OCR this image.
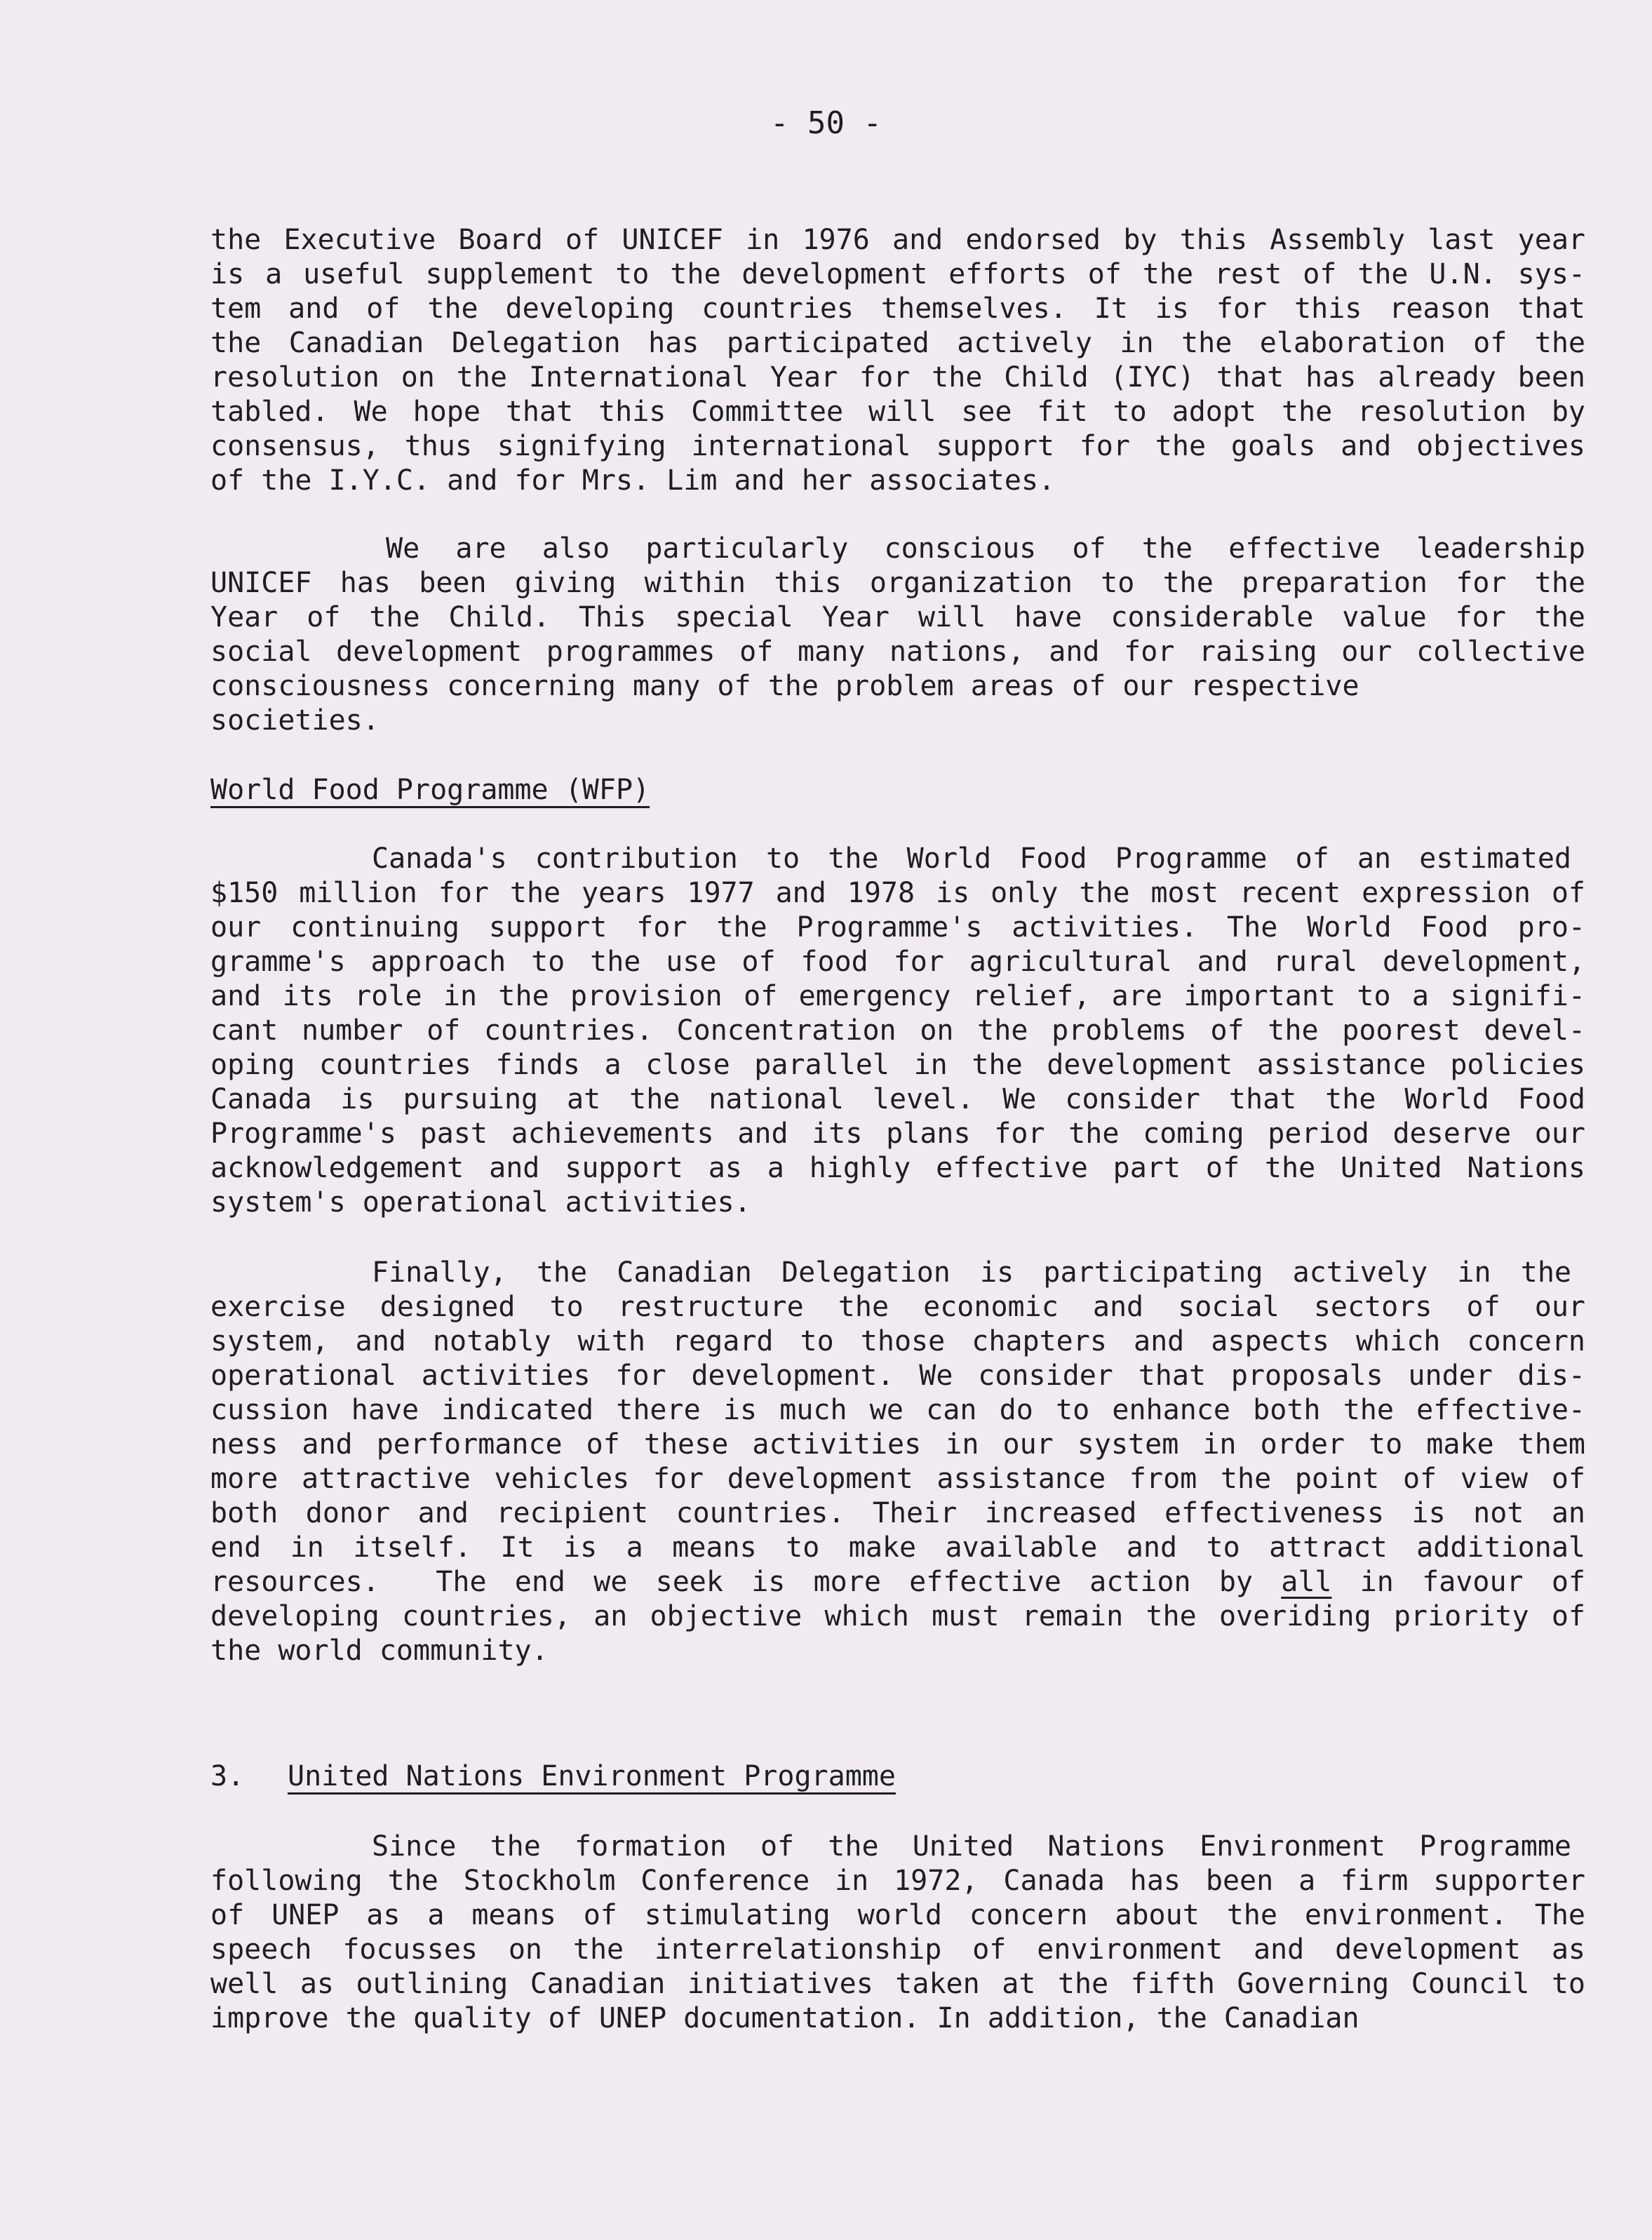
- 50 -
the Executive Board of UNICEF in 1976 and endorsed by this Assembly last year
is a useful supplement to the development efforts of the rest of the U.N. sys-
tem and of the developing countries themselves. It is for this reason that
the Canadian Delegation has participated actively in the elaboration of the
resolution on the International Year for the Child (IYC) that has already been
tabled. We hope that this Committee will see fit to adopt the resolution by
consensus, thus signifying international support for the goals and objectives
of the I.Y.C. and for Mrs. Lim and her associates.
We are also particularly conscious of the effective leadership
UNICEF has been giving within this organization to the preparation for the
Year of the Child. This special Year will have considerable value for the
social development programmes of many nations, and for raising our collective
consciousness concerning many of the problem areas of our respective
societies.
World Food Programme (WFP)
Canada's contribution to the World Food Programme of an estimated
$150 million for the years 1977 and 1978 is only the most recent expression of
our continuing support for the Programme's activities. The World Food pro-
gramme's approach to the use of food for agricultural and rural development,
and its role in the provision of emergency relief, are important to a signifi-
cant number of countries. Concentration on the problems of the poorest devel-
oping countries finds a close parallel in the development assistance policies
Canada is pursuing at the national level. We consider that the World Food
Programme's past achievements and its plans for the coming period deserve our
acknowledgement and support as a highly effective part of the United Nations
system's operational activities.
Finally, the Canadian Delegation is participating actively in the
exercise designed to restructure the economic and social sectors of our
system, and notably with regard to those chapters and aspects which concern
operational activities for development. We consider that proposals under dis-
cussion have indicated there is much we can do to enhance both the effective-
ness and performance of these activities in our system in order to make them
more attractive vehicles for development assistance from the point of view of
both donor and recipient countries. Their increased effectiveness is not an
end in itself. It is a means to make available and to attract additional
resources.  The end we seek is more effective action by all in favour of
developing countries, an objective which must remain the overiding priority of
the world community.
3. United Nations Environment Programme
Since the formation of the United Nations Environment Programme
following the Stockholm Conference in 1972, Canada has been a firm supporter
of UNEP as a means of stimulating world concern about the environment. The
speech focusses on the interrelationship of environment and development as
well as outlining Canadian initiatives taken at the fifth Governing Council to
improve the quality of UNEP documentation. In addition, the Canadian
